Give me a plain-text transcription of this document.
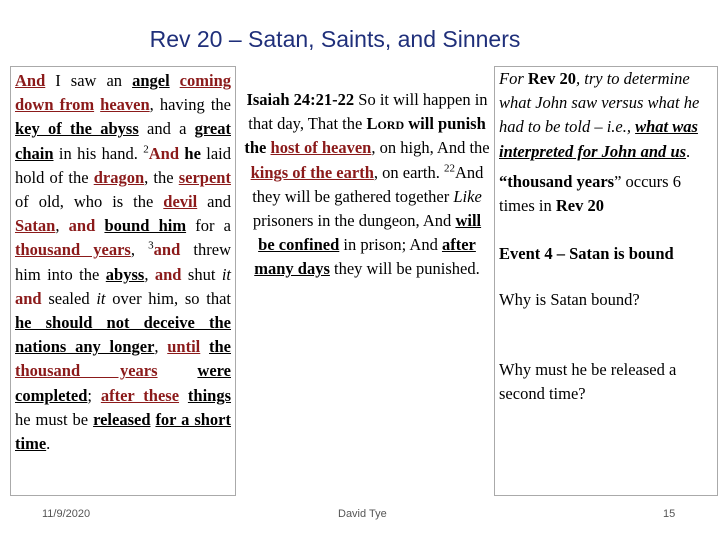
Rev 20 – Satan, Saints, and Sinners

And I saw an angel coming down from heaven, having the key of the abyss and a great chain in his hand. $^2$And he laid hold of the dragon, the serpent of old, who is the devil and Satan, and bound him for a thousand years, $^3$and threw him into the abyss, and shut it and sealed it over him, so that he should not deceive the nations any longer, until the thousand years were completed; after these things he must be released for a short time.

Isaiah 24:21-22 So it will happen in that day, That the Lord will punish the host of heaven, on high, And the kings of the earth, on earth. $^{22}$And they will be gathered together Like prisoners in the dungeon, And will be confined in prison; And after many days they will be punished.

For Rev 20, try to determine what John saw versus what he had to be told – i.e., what was interpreted for John and us.

“thousand years” occurs 6 times in Rev 20

Event 4 – Satan is bound

Why is Satan bound?

Why must he be released a second time?

11/9/2020	David Tye	15
